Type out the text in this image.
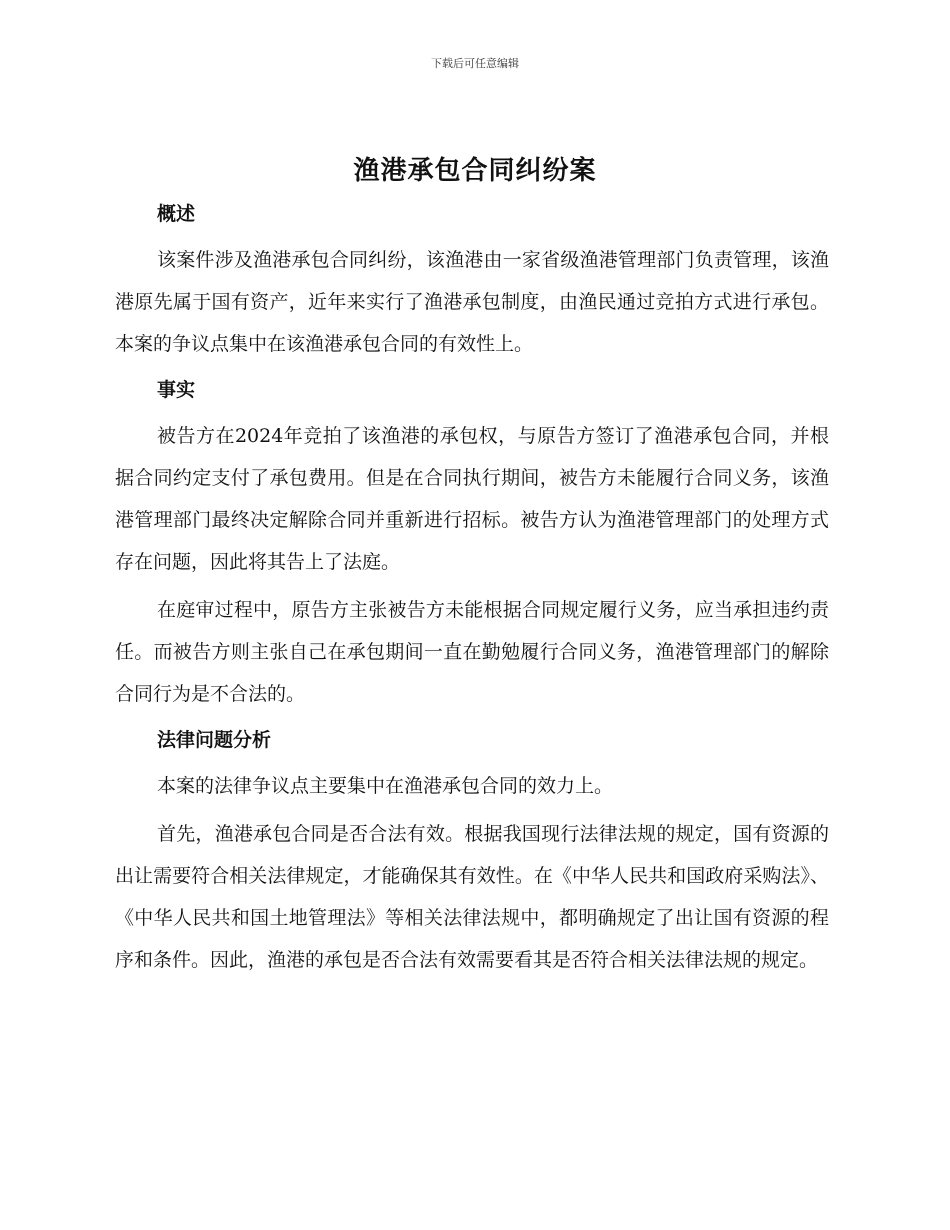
下载后可任意编辑
渔港承包合同纠纷案
概述

该案件涉及渔港承包合同纠纷，该渔港由一家省级渔港管理部门负责管理，该渔港原先属于国有资产，近年来实行了渔港承包制度，由渔民通过竞拍方式进行承包。本案的争议点集中在该渔港承包合同的有效性上。

事实

被告方在2024年竞拍了该渔港的承包权，与原告方签订了渔港承包合同，并根据合同约定支付了承包费用。但是在合同执行期间，被告方未能履行合同义务，该渔港管理部门最终决定解除合同并重新进行招标。被告方认为渔港管理部门的处理方式存在问题，因此将其告上了法庭。

在庭审过程中，原告方主张被告方未能根据合同规定履行义务，应当承担违约责任。而被告方则主张自己在承包期间一直在勤勉履行合同义务，渔港管理部门的解除合同行为是不合法的。

法律问题分析

本案的法律争议点主要集中在渔港承包合同的效力上。

首先，渔港承包合同是否合法有效。根据我国现行法律法规的规定，国有资源的出让需要符合相关法律规定，才能确保其有效性。在《中华人民共和国政府采购法》、《中华人民共和国土地管理法》等相关法律法规中，都明确规定了出让国有资源的程序和条件。因此，渔港的承包是否合法有效需要看其是否符合相关法律法规的规定。
